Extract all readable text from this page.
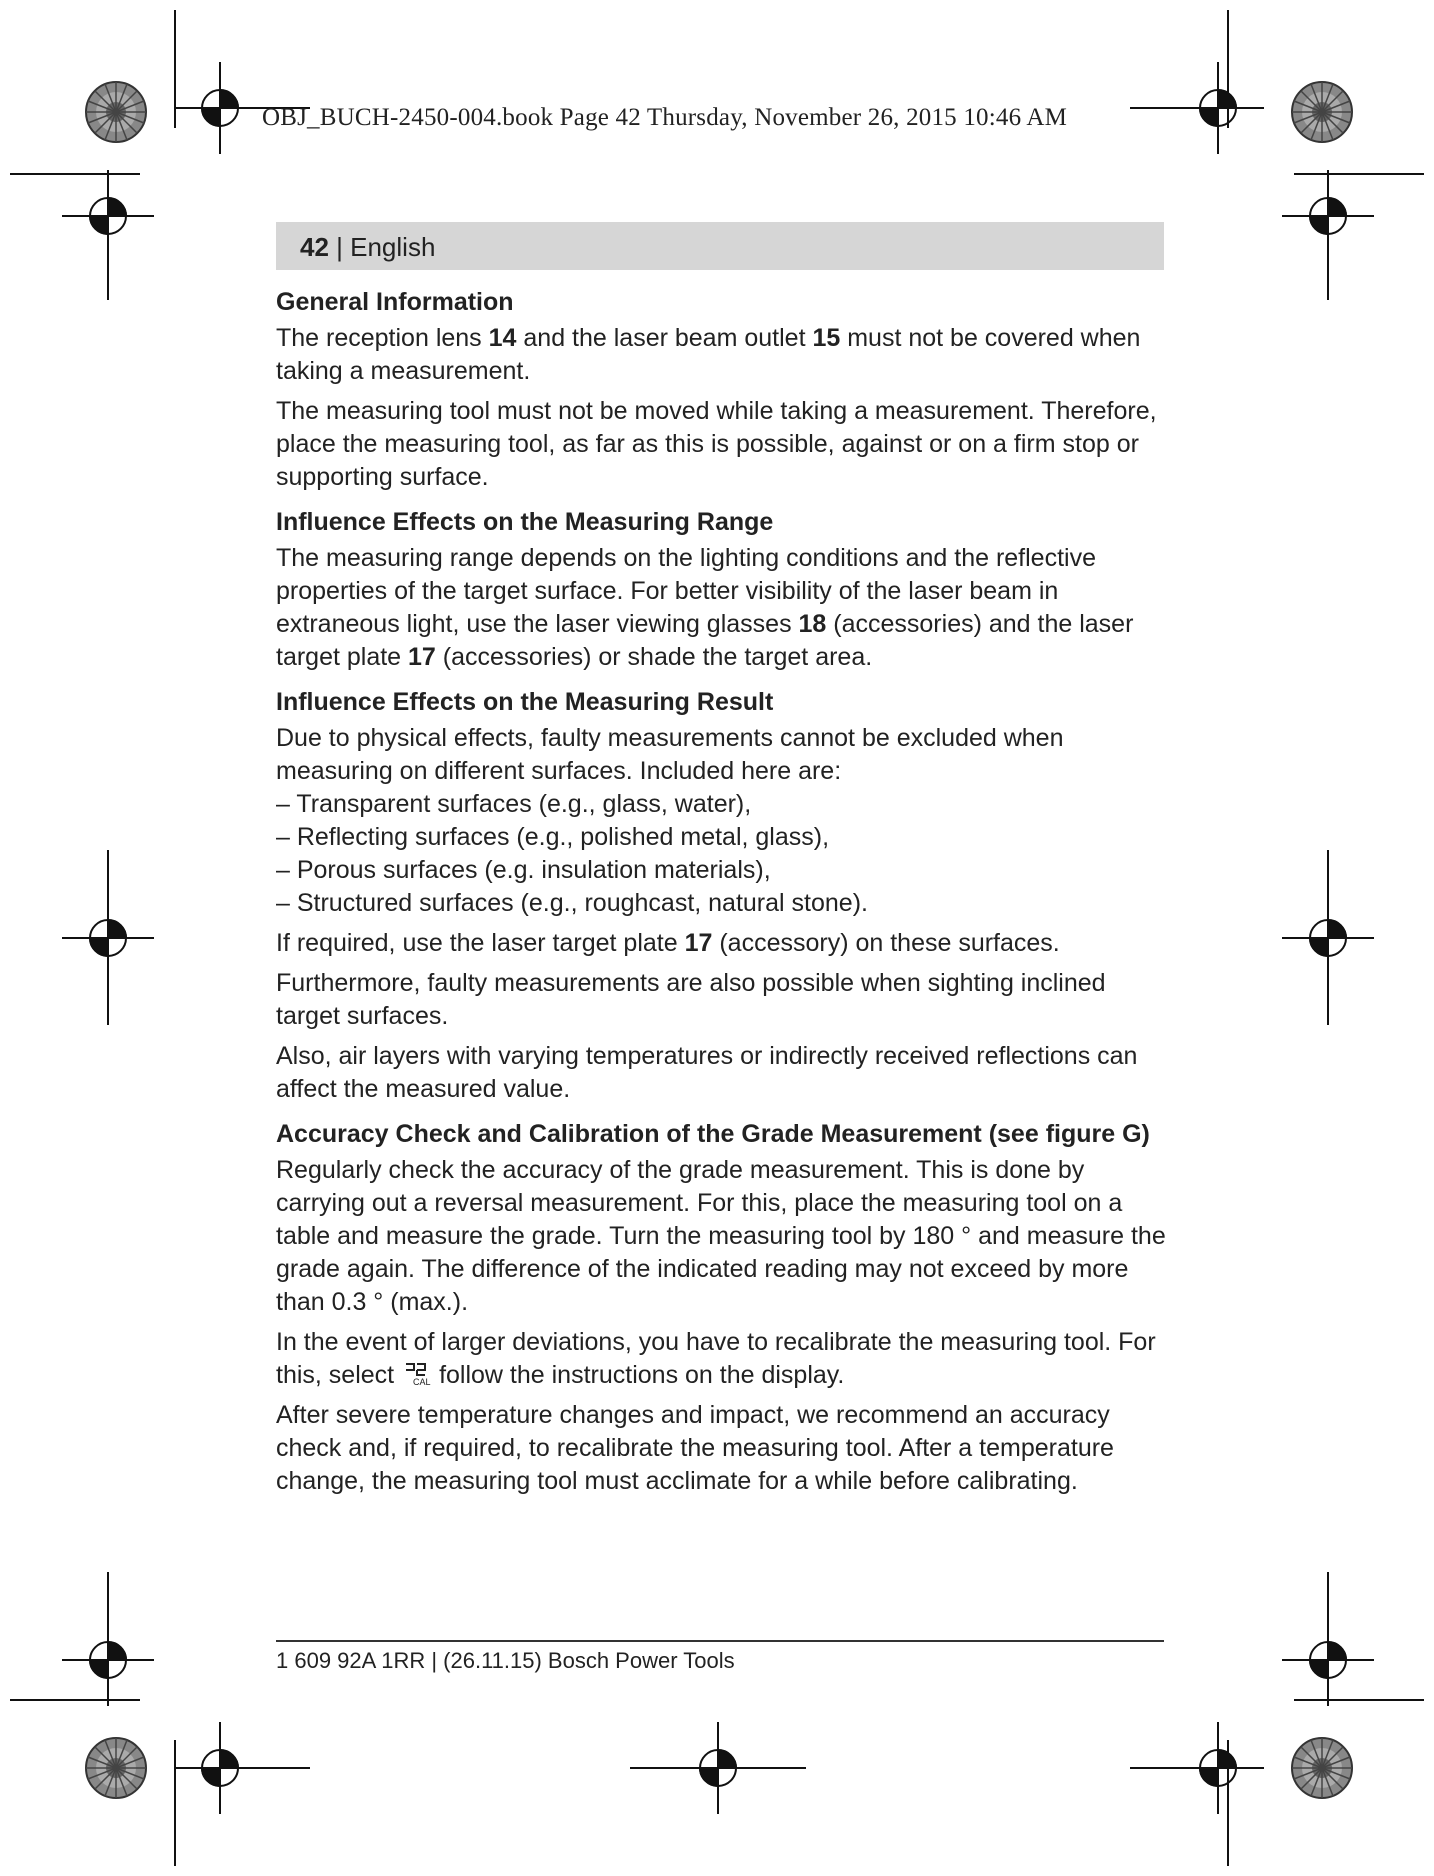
OBJ_BUCH-2450-004.book Page 42 Thursday, November 26, 2015 10:46 AM
42 | English
General Information

The reception lens 14 and the laser beam outlet 15 must not be covered when taking a measurement.

The measuring tool must not be moved while taking a measurement. Therefore, place the measuring tool, as far as this is possible, against or on a firm stop or supporting surface.

Influence Effects on the Measuring Range

The measuring range depends on the lighting conditions and the reflective properties of the target surface. For better visibility of the laser beam in extraneous light, use the laser viewing glasses 18 (accessories) and the laser target plate 17 (accessories) or shade the target area.

Influence Effects on the Measuring Result

Due to physical effects, faulty measurements cannot be excluded when measuring on different surfaces. Included here are:

– Transparent surfaces (e.g., glass, water),
– Reflecting surfaces (e.g., polished metal, glass),
– Porous surfaces (e.g. insulation materials),
– Structured surfaces (e.g., roughcast, natural stone).

If required, use the laser target plate 17 (accessory) on these surfaces.

Furthermore, faulty measurements are also possible when sighting inclined target surfaces.

Also, air layers with varying temperatures or indirectly received reflections can affect the measured value.

Accuracy Check and Calibration of the Grade Measurement (see figure G)

Regularly check the accuracy of the grade measurement. This is done by carrying out a reversal measurement. For this, place the measuring tool on a table and measure the grade. Turn the measuring tool by 180 ° and measure the grade again. The difference of the indicated reading may not exceed by more than 0.3 ° (max.).

In the event of larger deviations, you have to recalibrate the measuring tool. For this, select CAL follow the instructions on the display.

After severe temperature changes and impact, we recommend an accuracy check and, if required, to recalibrate the measuring tool. After a temperature change, the measuring tool must acclimate for a while before calibrating.

1 609 92A 1RR | (26.11.15) Bosch Power Tools
